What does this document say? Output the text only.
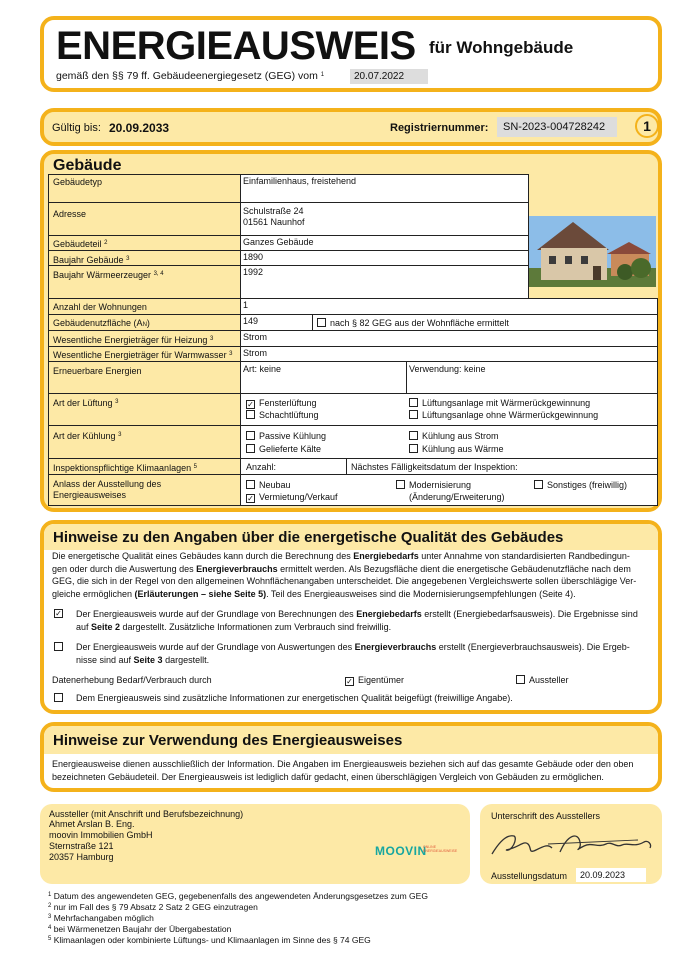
ENERGIEAUSWEIS für Wohngebäude
gemäß den §§ 79 ff. Gebäudeenergiegesetz (GEG) vom $^1$	20.07.2022
Gültig bis: 20.09.2033	Registriernummer:	SN-2023-004728242	1
Gebäude
Gebäudetyp	Einfamilienhaus, freistehend
Adresse	Schulstraße 24
01561 Naunhof
Gebäudeteil $^2$	Ganzes Gebäude
Baujahr Gebäude $^3$	1890
Baujahr Wärmeerzeuger $^{3, 4}$	1992
Anzahl der Wohnungen	1
Gebäudenutzfläche (AN)	149	nach § 82 GEG aus der Wohnfläche ermittelt
Wesentliche Energieträger für Heizung $^3$	Strom
Wesentliche Energieträger für Warmwasser $^3$ Strom
Erneuerbare Energien	Art: keine	Verwendung: keine
Art der Lüftung $^3$	✓ Fensterlüftung
Schachtlüftung
Lüftungsanlage mit Wärmerückgewinnung
Lüftungsanlage ohne Wärmerückgewinnung
Art der Kühlung $^3$	Passive Kühlung
Gelieferte Kälte
Kühlung aus Strom
Kühlung aus Wärme
Inspektionspflichtige Klimaanlagen $^5$	Anzahl:	Nächstes Fälligkeitsdatum der Inspektion:
Anlass der Ausstellung des
Energieausweises
Neubau
✓ Vermietung/Verkauf
Modernisierung
(Änderung/Erweiterung)
Sonstiges (freiwillig)
Hinweise zu den Angaben über die energetische Qualität des Gebäudes
Die energetische Qualität eines Gebäudes kann durch die Berechnung des Energiebedarfs unter Annahme von standardisierten Randbedingun-
gen oder durch die Auswertung des Energieverbrauchs ermittelt werden. Als Bezugsfläche dient die energetische Gebäudenutzfläche nach dem
GEG, die sich in der Regel von den allgemeinen Wohnflächenangaben unterscheidet. Die angegebenen Vergleichswerte sollen überschlägige Ver-
gleiche ermöglichen (Erläuterungen – siehe Seite 5). Teil des Energieausweises sind die Modernisierungsempfehlungen (Seite 4).
✓ Der Energieausweis wurde auf der Grundlage von Berechnungen des Energiebedarfs erstellt (Energiebedarfsausweis). Die Ergebnisse sind
auf Seite 2 dargestellt. Zusätzliche Informationen zum Verbrauch sind freiwillig.
Der Energieausweis wurde auf der Grundlage von Auswertungen des Energieverbrauchs erstellt (Energieverbrauchsausweis). Die Ergeb-
nisse sind auf Seite 3 dargestellt.
Datenerhebung Bedarf/Verbrauch durch	✓ Eigentümer	Aussteller
Dem Energieausweis sind zusätzliche Informationen zur energetischen Qualität beigefügt (freiwillige Angabe).
Hinweise zur Verwendung des Energieausweises
Energieausweise dienen ausschließlich der Information. Die Angaben im Energieausweis beziehen sich auf das gesamte Gebäude oder den oben
bezeichneten Gebäudeteil. Der Energieausweis ist lediglich dafür gedacht, einen überschlägigen Vergleich von Gebäuden zu ermöglichen.
Aussteller (mit Anschrift und Berufsbezeichnung)
Ahmet Arslan B. Eng.
moovin Immobilien GmbH
Sternstraße 121
20357 Hamburg	MOOVIN
ONLINE ENERGIEAUSWEISE
Unterschrift des Ausstellers
Ausstellungsdatum	20.09.2023
$^1$ Datum des angewendeten GEG, gegebenenfalls des angewendeten Änderungsgesetzes zum GEG
$^2$ nur im Fall des § 79 Absatz 2 Satz 2 GEG einzutragen
$^3$ Mehrfachangaben möglich
$^4$ bei Wärmenetzen Baujahr der Übergabestation
$^5$ Klimaanlagen oder kombinierte Lüftungs- und Klimaanlagen im Sinne des § 74 GEG
